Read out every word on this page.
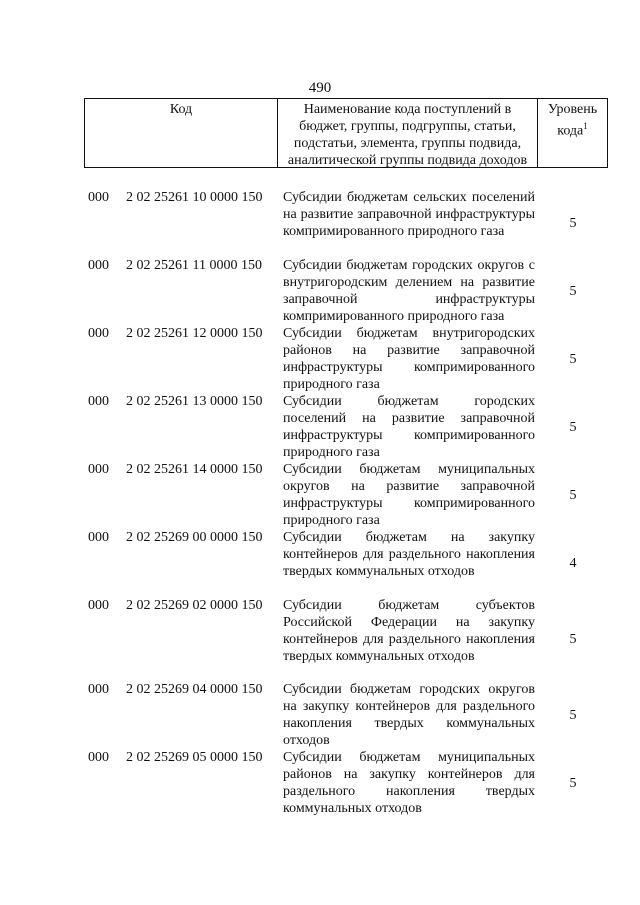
490
Код	Наименование кода поступлений в бюджет, группы, подгруппы, статьи, подстатьи, элемента, группы подвида, аналитической группы подвида доходов
Уровень кода$^1$
000 2 02 25261 10 0000 150 Субсидии бюджетам сельских поселений на развитие заправочной инфраструктуры компримированного природного газа
5
000 2 02 25261 11 0000 150 Субсидии бюджетам городских округов с внутригородским делением на развитие заправочной инфраструктуры компримированного природного газа
5
000 2 02 25261 12 0000 150 Субсидии бюджетам внутригородских районов на развитие заправочной инфраструктуры компримированного природного газа
5
000 2 02 25261 13 0000 150 Субсидии бюджетам городских поселений на развитие заправочной инфраструктуры компримированного природного газа
5
000 2 02 25261 14 0000 150 Субсидии бюджетам муниципальных округов на развитие заправочной инфраструктуры компримированного природного газа
5
000 2 02 25269 00 0000 150 Субсидии бюджетам на закупку контейнеров для раздельного накопления твердых коммунальных отходов
4
000 2 02 25269 02 0000 150 Субсидии бюджетам субъектов Российской Федерации на закупку контейнеров для раздельного накопления твердых коммунальных отходов
5
000 2 02 25269 04 0000 150 Субсидии бюджетам городских округов на закупку контейнеров для раздельного накопления твердых коммунальных отходов
5
000 2 02 25269 05 0000 150 Субсидии бюджетам муниципальных районов на закупку контейнеров для раздельного накопления твердых коммунальных отходов
5
